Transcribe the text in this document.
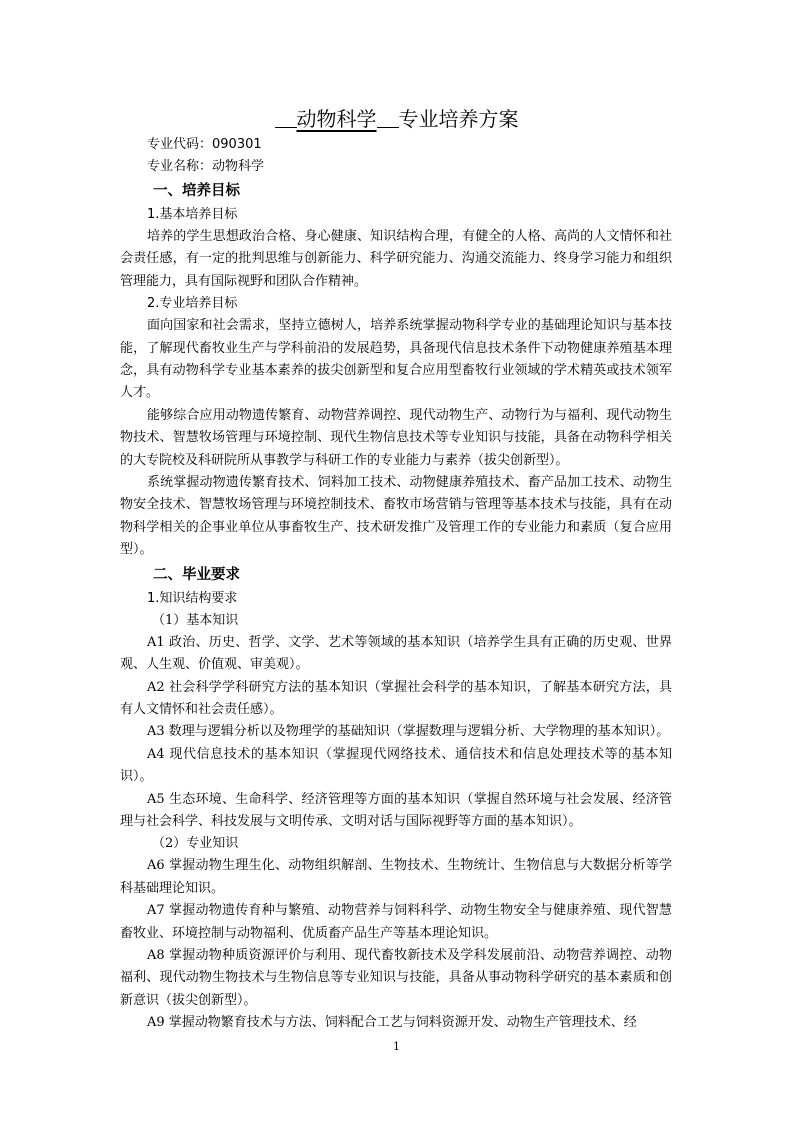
动物科学 专业培养方案
专业代码：090301
专业名称：动物科学
一、培养目标
1.基本培养目标

培养的学生思想政治合格、身心健康、知识结构合理，有健全的人格、高尚的人文情怀和社会责任感，有一定的批判思维与创新能力、科学研究能力、沟通交流能力、终身学习能力和组织管理能力，具有国际视野和团队合作精神。

2.专业培养目标

面向国家和社会需求，坚持立德树人，培养系统掌握动物科学专业的基础理论知识与基本技能，了解现代畜牧业生产与学科前沿的发展趋势，具备现代信息技术条件下动物健康养殖基本理念，具有动物科学专业基本素养的拔尖创新型和复合应用型畜牧行业领域的学术精英或技术领军人才。

能够综合应用动物遗传繁育、动物营养调控、现代动物生产、动物行为与福利、现代动物生物技术、智慧牧场管理与环境控制、现代生物信息技术等专业知识与技能，具备在动物科学相关的大专院校及科研院所从事教学与科研工作的专业能力与素养（拔尖创新型）。

系统掌握动物遗传繁育技术、饲料加工技术、动物健康养殖技术、畜产品加工技术、动物生物安全技术、智慧牧场管理与环境控制技术、畜牧市场营销与管理等基本技术与技能，具有在动物科学相关的企事业单位从事畜牧生产、技术研发推广及管理工作的专业能力和素质（复合应用型）。

二、毕业要求
1.知识结构要求
（1）基本知识

A1 政治、历史、哲学、文学、艺术等领域的基本知识（培养学生具有正确的历史观、世界观、人生观、价值观、审美观）。

A2 社会科学学科研究方法的基本知识（掌握社会科学的基本知识，了解基本研究方法，具有人文情怀和社会责任感）。

A3 数理与逻辑分析以及物理学的基础知识（掌握数理与逻辑分析、大学物理的基本知识）。

A4 现代信息技术的基本知识（掌握现代网络技术、通信技术和信息处理技术等的基本知识）。

A5 生态环境、生命科学、经济管理等方面的基本知识（掌握自然环境与社会发展、经济管理与社会科学、科技发展与文明传承、文明对话与国际视野等方面的基本知识）。

（2）专业知识

A6 掌握动物生理生化、动物组织解剖、生物技术、生物统计、生物信息与大数据分析等学科基础理论知识。

A7 掌握动物遗传育种与繁殖、动物营养与饲料科学、动物生物安全与健康养殖、现代智慧畜牧业、环境控制与动物福利、优质畜产品生产等基本理论知识。

A8 掌握动物种质资源评价与利用、现代畜牧新技术及学科发展前沿、动物营养调控、动物福利、现代动物生物技术与生物信息等专业知识与技能，具备从事动物科学研究的基本素质和创新意识（拔尖创新型）。

A9 掌握动物繁育技术与方法、饲料配合工艺与饲料资源开发、动物生产管理技术、经

1
